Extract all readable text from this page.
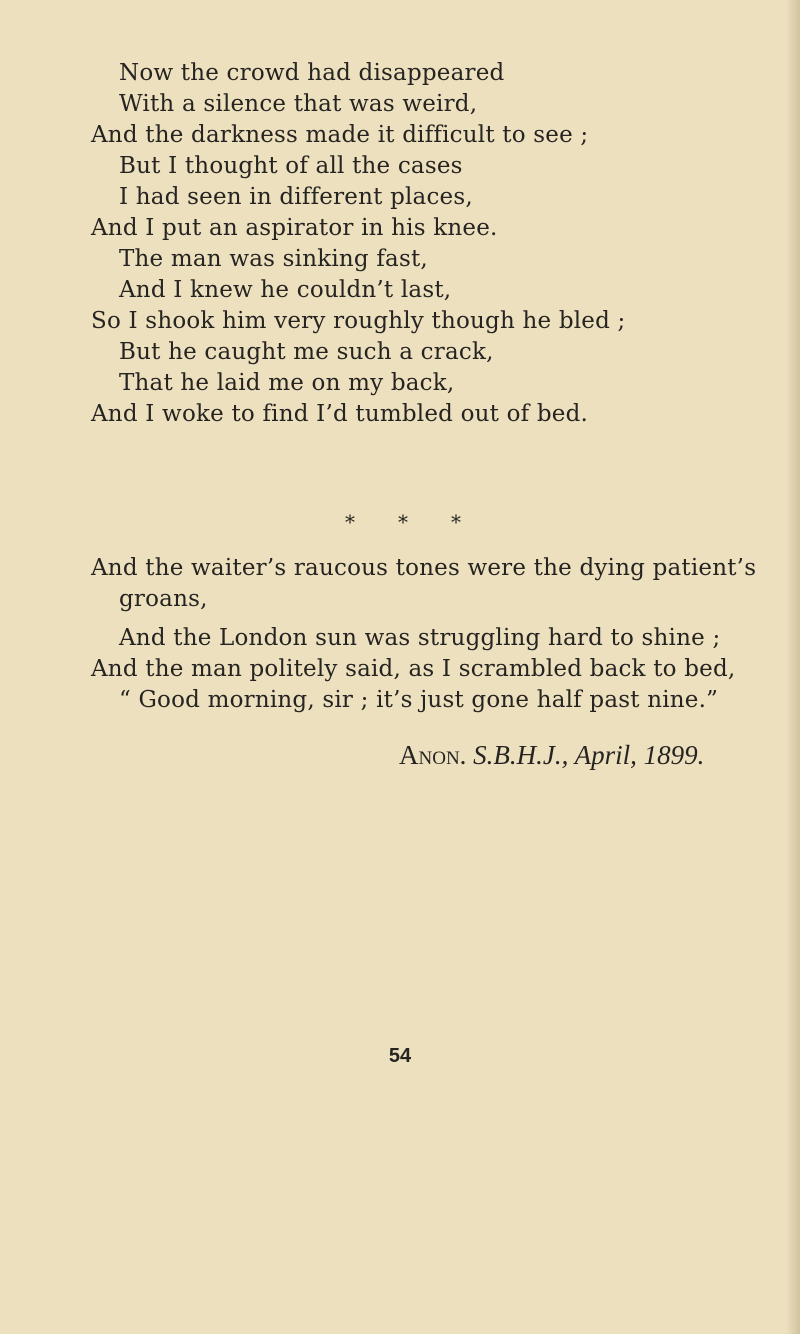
Now the crowd had disappeared
With a silence that was weird,
And the darkness made it difficult to see ;
But I thought of all the cases
I had seen in different places,
And I put an aspirator in his knee.
The man was sinking fast,
And I knew he couldn’t last,
So I shook him very roughly though he bled ;
But he caught me such a crack,
That he laid me on my back,
And I woke to find I’d tumbled out of bed.
* * *
And the waiter’s raucous tones were the dying patient’s
groans,
And the London sun was struggling hard to shine ;
And the man politely said, as I scrambled back to bed,
“ Good morning, sir ; it’s just gone half past nine.”
Anon. S.B.H.J., April, 1899.
54
